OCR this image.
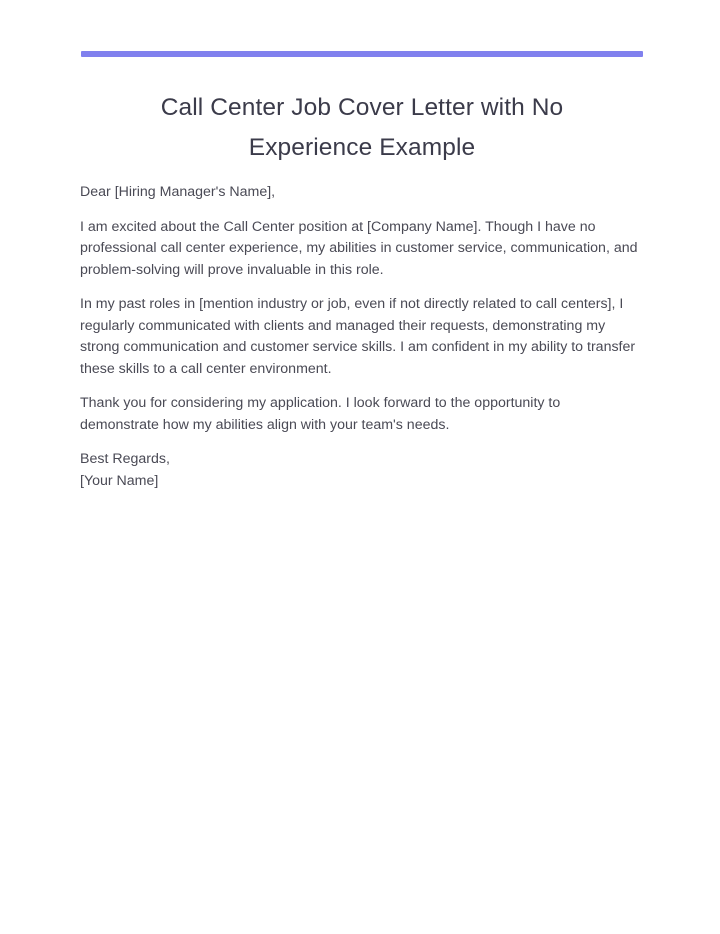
Call Center Job Cover Letter with No
Experience Example

Dear [Hiring Manager's Name],

I am excited about the Call Center position at [Company Name]. Though I have no professional call center experience, my abilities in customer service, communication, and problem-solving will prove invaluable in this role.

In my past roles in [mention industry or job, even if not directly related to call centers], I regularly communicated with clients and managed their requests, demonstrating my strong communication and customer service skills. I am confident in my ability to transfer these skills to a call center environment.

Thank you for considering my application. I look forward to the opportunity to demonstrate how my abilities align with your team's needs.

Best Regards,
[Your Name]
